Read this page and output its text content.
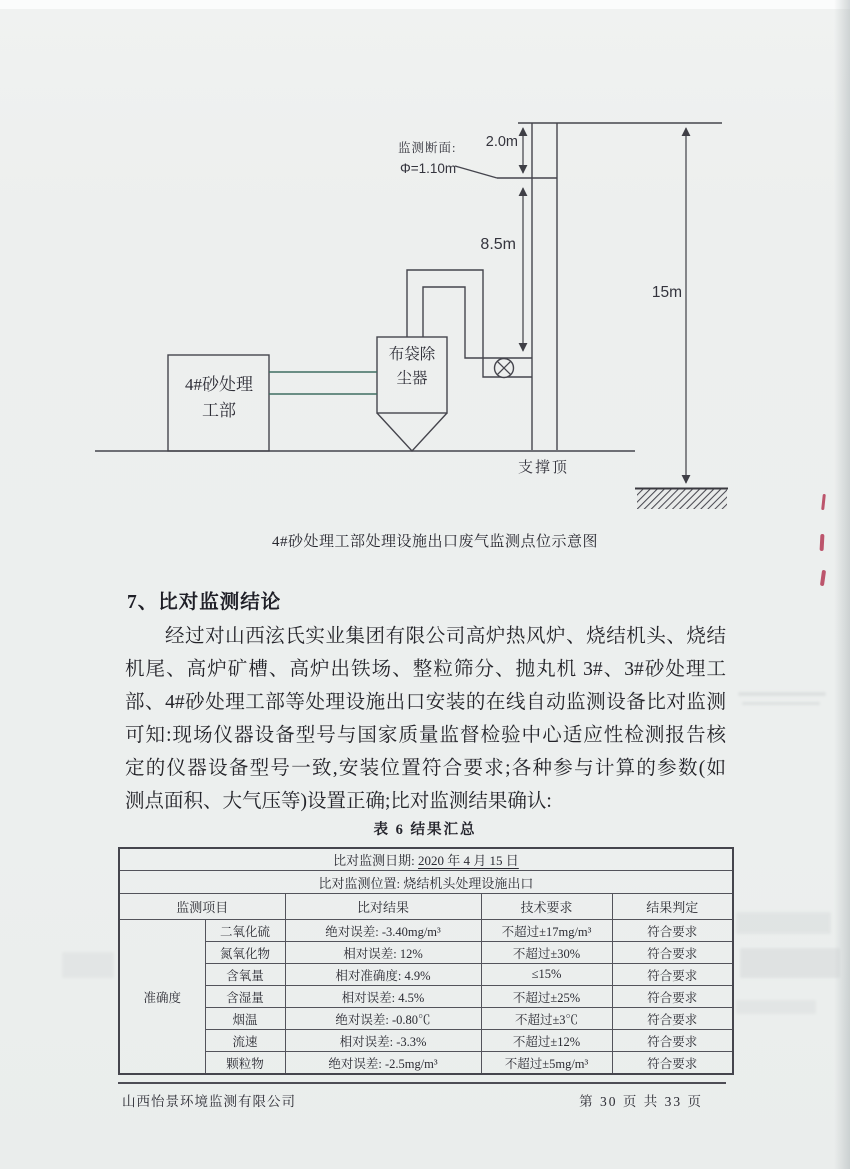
监测断面:
Φ=1.10m
2.0m
8.5m
15m
4#砂处理工部
布袋除尘器
支撑顶
4#砂处理工部处理设施出口废气监测点位示意图
7、比对监测结论
经过对山西泫氏实业集团有限公司高炉热风炉、烧结机头、烧结
机尾、高炉矿槽、高炉出铁场、整粒筛分、抛丸机 3#、3#砂处理工
部、4#砂处理工部等处理设施出口安装的在线自动监测设备比对监测
可知:现场仪器设备型号与国家质量监督检验中心适应性检测报告核
定的仪器设备型号一致,安装位置符合要求;各种参与计算的参数(如
测点面积、大气压等)设置正确;比对监测结果确认:
表 6 结果汇总
比对监测日期: 2020 年 4 月 15 日				
比对监测位置: 烧结机头处理设施出口				
监测项目		比对结果	技术要求	结果判定
准确度	二氧化硫	绝对误差: -3.40mg/m³	不超过±17mg/m³	符合要求
	氮氧化物	相对误差: 12%	不超过±30%	符合要求
	含氧量	相对准确度: 4.9%	≤15%	符合要求
	含湿量	相对误差: 4.5%	不超过±25%	符合要求
	烟温	绝对误差: -0.80℃	不超过±3℃	符合要求
	流速	相对误差: -3.3%	不超过±12%	符合要求
	颗粒物	绝对误差: -2.5mg/m³	不超过±5mg/m³	符合要求
山西怡景环境监测有限公司	第 30 页 共 33 页
